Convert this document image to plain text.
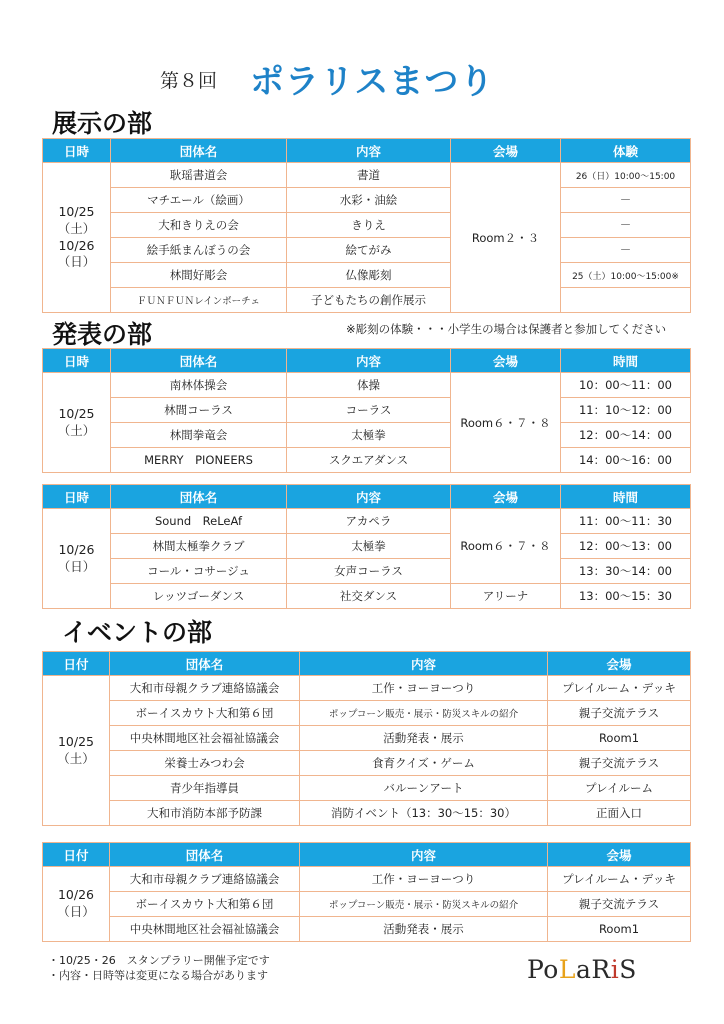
第８回 ポラリスまつり
展示の部
日時	団体名	内容	会場	体験
10/25
（土）
10/26
（日）	耿瑶書道会	書道	Room２・３	26（日）10:00～15:00
	マチエール（絵画）	水彩・油絵		－
	大和きりえの会	きりえ		－
	絵手紙まんぼうの会	絵てがみ		－
	林間好彫会	仏像彫刻		25（土）10:00～15:00※
	ＦＵＮＦＵＮレインボーチェ	子どもたちの創作展示		
発表の部	※彫刻の体験・・・小学生の場合は保護者と参加してください
日時	団体名	内容	会場	時間
10/25
（土）	南林体操会	体操	Room６・７・８	10：00～11：00
	林間コーラス	コーラス		11：10～12：00
	林間拳竜会	太極拳		12：00～14：00
	MERRY　PIONEERS	スクエアダンス		14：00～16：00
日時	団体名	内容	会場	時間
10/26
（日）	Sound　ReLeAf	アカペラ	Room６・７・８	11：00～11：30
	林間太極拳クラブ	太極拳		12：00～13：00
	コール・コサージュ	女声コーラス		13：30～14：00
	レッツゴーダンス	社交ダンス	アリーナ	13：00～15：30
イベントの部
日付	団体名	内容	会場
10/25
（土）	大和市母親クラブ連絡協議会	工作・ヨーヨーつり	プレイルーム・デッキ
	ボーイスカウト大和第６団	ポップコーン販売・展示・防災スキルの紹介	親子交流テラス
	中央林間地区社会福祉協議会	活動発表・展示	Room1
	栄養士みつわ会	食育クイズ・ゲーム	親子交流テラス
	青少年指導員	バルーンアート	プレイルーム
	大和市消防本部予防課	消防イベント（13：30～15：30）	正面入口
日付	団体名	内容	会場
10/26
（日）	大和市母親クラブ連絡協議会	工作・ヨーヨーつり	プレイルーム・デッキ
	ボーイスカウト大和第６団	ポップコーン販売・展示・防災スキルの紹介	親子交流テラス
	中央林間地区社会福祉協議会	活動発表・展示	Room1
・10/25・26　スタンプラリー開催予定です
・内容・日時等は変更になる場合があります	PoLaRiS
